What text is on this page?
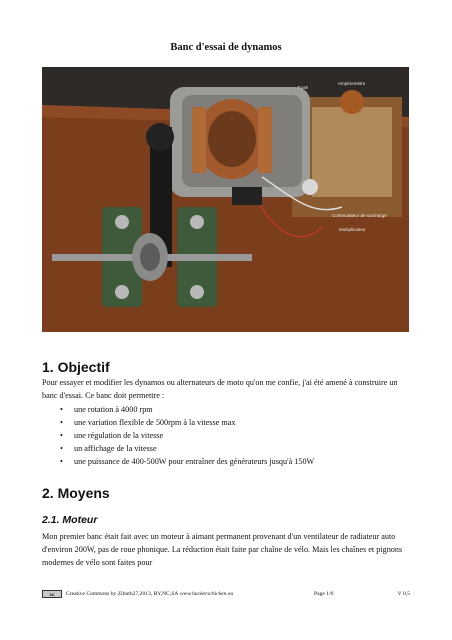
Banc d'essai de dynamos
Fusé
Ampèremètre
Commutateur de surcharge
Multiplicateur
1. Objectif

Pour essayer et modifier les dynamos ou alternateurs de moto qu'on me confie, j'ai été amené à construire un banc d'essai. Ce banc doit permettre :

• une rotation à 4000 rpm
• une variation flexible de 500rpm à la vitesse max
• une régulation de la vitesse
• un affichage de la vitesse
• une puissance de 400-500W pour entraîner des générateurs jusqu'à 150W
2. Moyens
2.1. Moteur

Mon premier banc était fait avec un moteur à aimant permanent provenant d'un ventilateur de radiateur auto d'environ 200W, pas de roue phonique. La réduction était faite par chaîne de vélo. Mais les chaînes et pignons modernes de vélo sont faites pour

cc	Creative Commons by Zibuth27,2013, BY,NC,SA
www.hackerschicken.eu	Page 1/6	V 0,5
